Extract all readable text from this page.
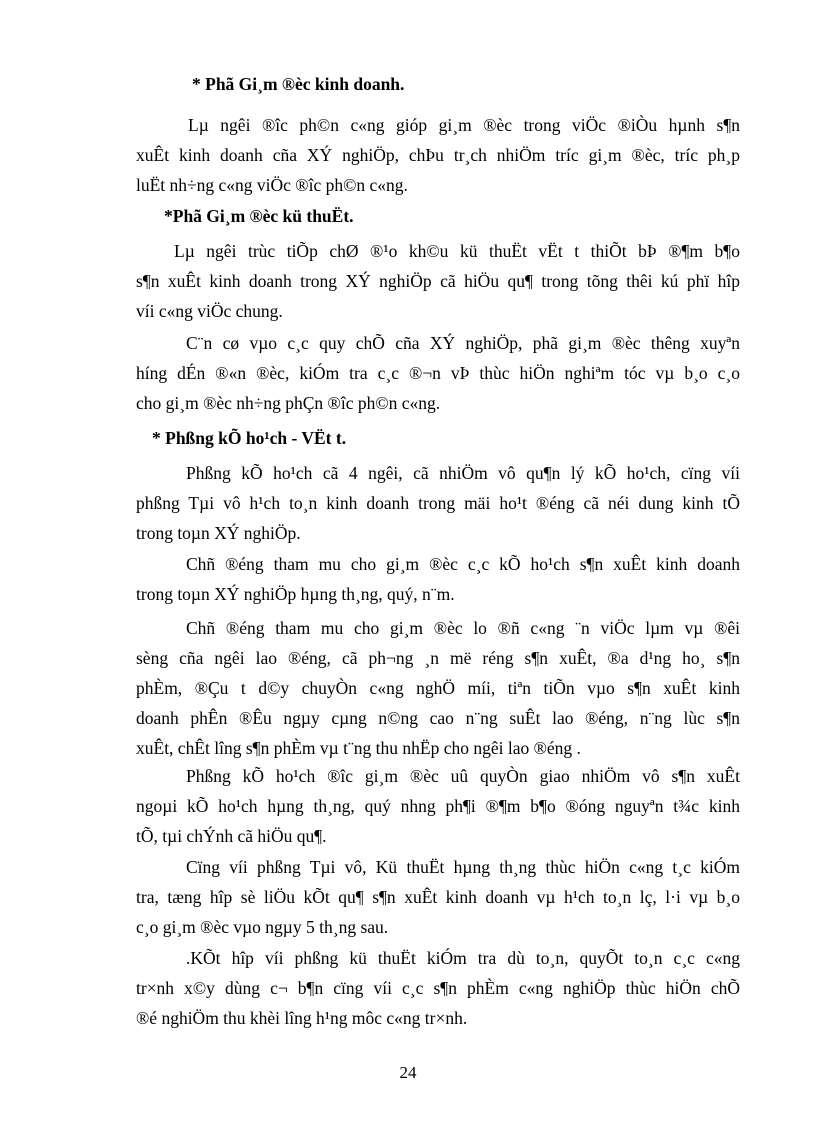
* Phã Gi¸m ®èc kinh doanh.
Lµ ngêi ®îc ph©n c«ng gióp gi¸m ®èc trong viÖc ®iÒu hµnh s¶n
xuÊt kinh doanh cña XÝ nghiÖp, chÞu tr¸ch nhiÖm tríc gi¸m ®èc, tríc ph¸p
luËt nh÷ng c«ng viÖc ®îc ph©n c«ng.
*Phã Gi¸m ®èc kü thuËt.
Lµ ngêi trùc tiÕp chØ ®¹o kh©u kü thuËt vËt t thiÕt bÞ ®¶m b¶o
s¶n xuÊt kinh doanh trong XÝ nghiÖp cã hiÖu qu¶ trong tõng thêi kú phï hîp
víi c«ng viÖc chung.
C¨n cø vµo c¸c quy chÕ cña XÝ nghiÖp, phã gi¸m ®èc thêng xuyªn
híng dÉn ®«n ®èc, kiÓm tra c¸c ®¬n vÞ thùc hiÖn nghiªm tóc vµ b¸o c¸o
cho gi¸m ®èc nh÷ng phÇn ®îc ph©n c«ng.
* Phßng kÕ ho¹ch - VËt t.
Phßng kÕ ho¹ch cã 4 ngêi, cã nhiÖm vô qu¶n lý kÕ ho¹ch, cïng víi
phßng Tµi vô h¹ch to¸n kinh doanh trong mäi ho¹t ®éng cã néi dung kinh tÕ
trong toµn XÝ nghiÖp.
Chñ ®éng tham mu cho gi¸m ®èc c¸c kÕ ho¹ch s¶n xuÊt kinh doanh
trong toµn XÝ nghiÖp hµng th¸ng, quý, n¨m.
Chñ ®éng tham mu cho gi¸m ®èc lo ®ñ c«ng ¨n viÖc lµm vµ ®êi
sèng cña ngêi lao ®éng, cã ph¬ng ¸n më réng s¶n xuÊt, ®a d¹ng ho¸ s¶n
phÈm, ®Çu t d©y chuyÒn c«ng nghÖ míi, tiªn tiÕn vµo s¶n xuÊt kinh
doanh phÊn ®Êu ngµy cµng n©ng cao n¨ng suÊt lao ®éng, n¨ng lùc s¶n
xuÊt, chÊt lîng s¶n phÈm vµ t¨ng thu nhËp cho ngêi lao ®éng .
Phßng kÕ ho¹ch ®îc gi¸m ®èc uû quyÒn giao nhiÖm vô s¶n xuÊt
ngoµi kÕ ho¹ch hµng th¸ng, quý nhng ph¶i ®¶m b¶o ®óng nguyªn t¾c kinh
tÕ, tµi chÝnh cã hiÖu qu¶.
Cïng víi phßng Tµi vô, Kü thuËt hµng th¸ng thùc hiÖn c«ng t¸c kiÓm
tra, tæng hîp sè liÖu kÕt qu¶ s¶n xuÊt kinh doanh vµ h¹ch to¸n lç, l·i vµ b¸o
c¸o gi¸m ®èc vµo ngµy 5 th¸ng sau.
.KÕt hîp víi phßng kü thuËt kiÓm tra dù to¸n, quyÕt to¸n c¸c c«ng
tr×nh x©y dùng c¬ b¶n cïng víi c¸c s¶n phÈm c«ng nghiÖp thùc hiÖn chÕ
®é nghiÖm thu khèi lîng h¹ng môc c«ng tr×nh.
24
